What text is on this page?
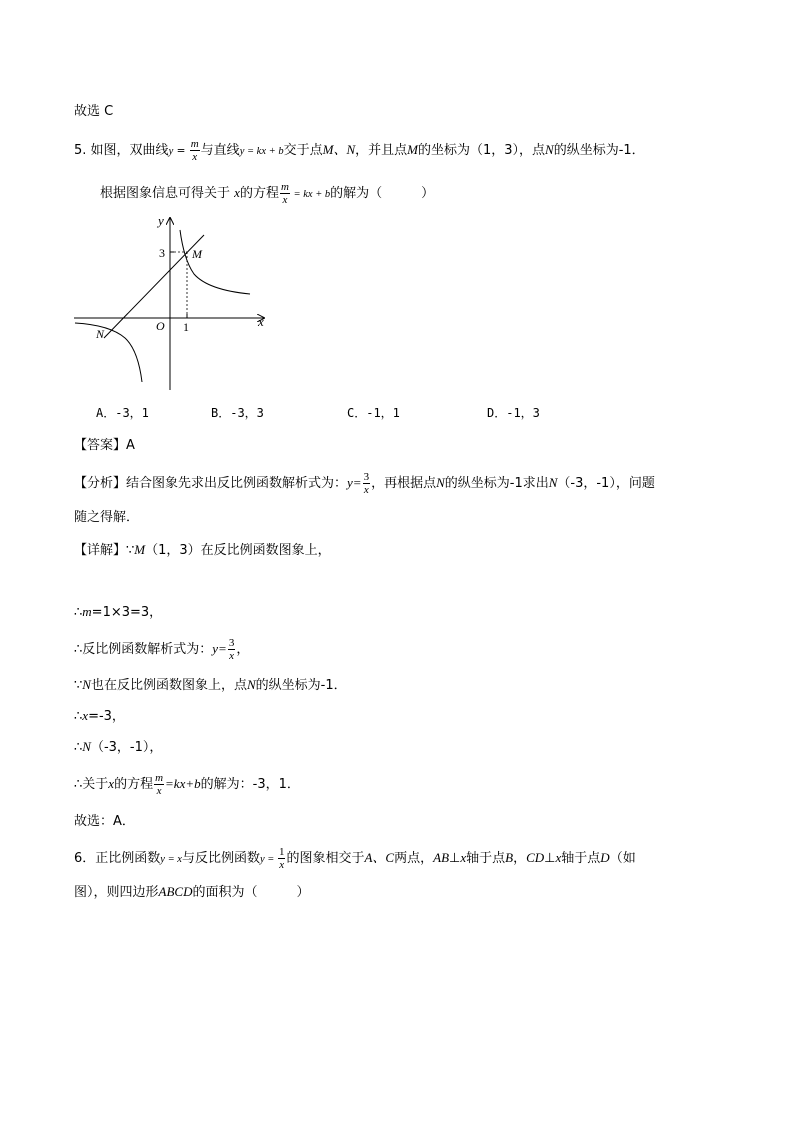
故选 C
5. 如图，双曲线$y = \frac{m}{x}$ 与直线y = kx + b交于点M、N，并且点M的坐标为（1，3），点N的纵坐标为-1．
根据图象信息可得关于 x的方程 $\frac{m}{x}$ = kx + b的解为（　　　）
y
x
O
3
1
M
N
A．-3，1	B．-3，3	C．-1，1	D．-1，3
【答案】A
【分析】结合图象先求出反比例函数解析式为：$y= \frac{3}{x}$ ，再根据点N的纵坐标为-1求出N（-3，-1），问题
随之得解．
【详解】∵M（1，3）在反比例函数图象上，
∴m=1×3=3，
∴反比例函数解析式为：$y= \frac{3}{x}$ ，
∵N也在反比例函数图象上，点N的纵坐标为-1．
∴x=-3，
∴N（-3，-1），
∴关于x的方程 $\frac{m}{x} =kx+b$的解为：-3，1．
故选：A．
6．正比例函数y = x与反比例函数$y = \frac{1}{x}$ 的图象相交于A、C两点，AB⊥x轴于点B，CD⊥x轴于点D（如
图），则四边形ABCD的面积为（　　　）
